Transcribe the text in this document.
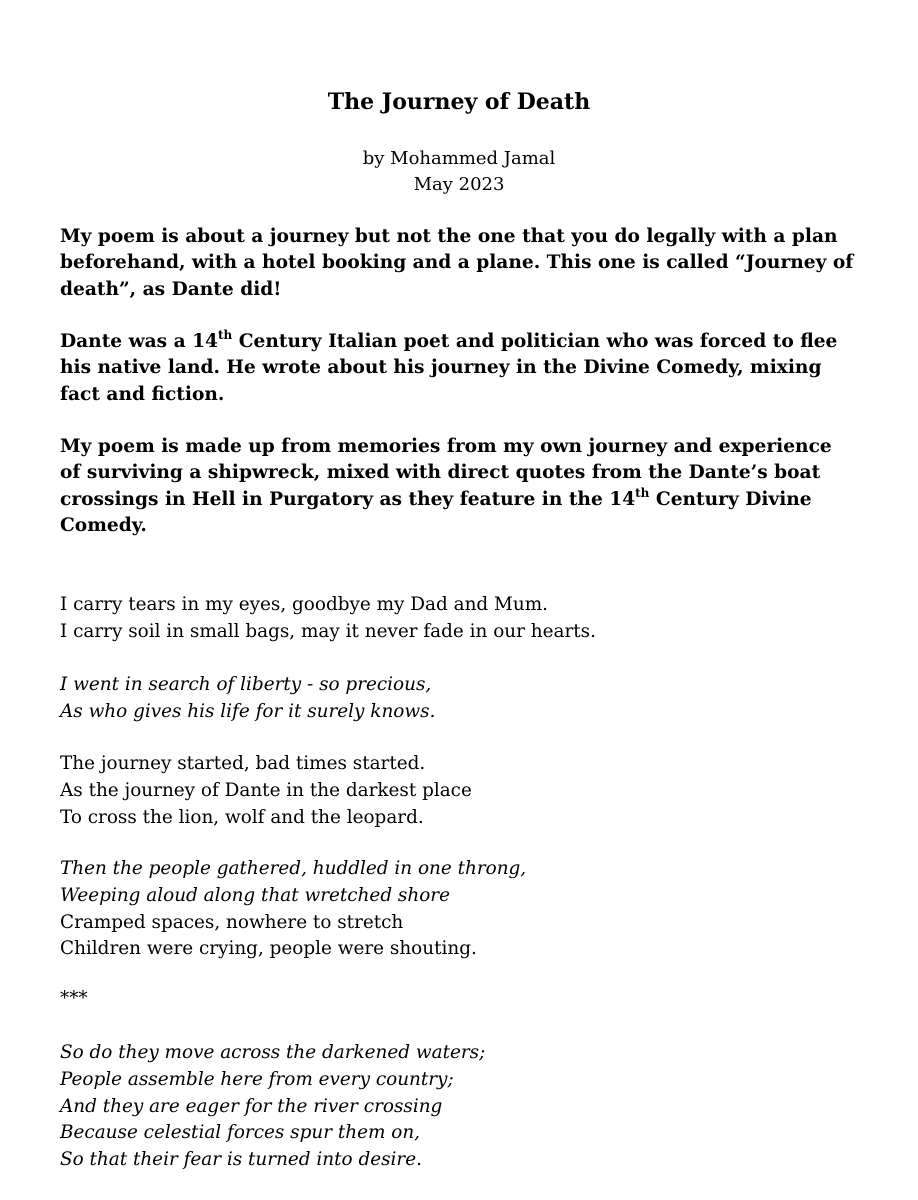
The Journey of Death
by Mohammed Jamal
May 2023

My poem is about a journey but not the one that you do legally with a plan

beforehand, with a hotel booking and a plane. This one is called “Journey of

death”, as Dante did!

Dante was a 14th Century Italian poet and politician who was forced to flee

his native land. He wrote about his journey in the Divine Comedy, mixing

fact and fiction.

My poem is made up from memories from my own journey and experience

of surviving a shipwreck, mixed with direct quotes from the Dante’s boat

crossings in Hell in Purgatory as they feature in the 14th Century Divine

Comedy.

I carry tears in my eyes, goodbye my Dad and Mum.
I carry soil in small bags, may it never fade in our hearts.
I went in search of liberty - so precious,
As who gives his life for it surely knows.
The journey started, bad times started.
As the journey of Dante in the darkest place
To cross the lion, wolf and the leopard.
Then the people gathered, huddled in one throng,
Weeping aloud along that wretched shore
Cramped spaces, nowhere to stretch
Children were crying, people were shouting.
***
So do they move across the darkened waters;
People assemble here from every country;
And they are eager for the river crossing
Because celestial forces spur them on,
So that their fear is turned into desire.
